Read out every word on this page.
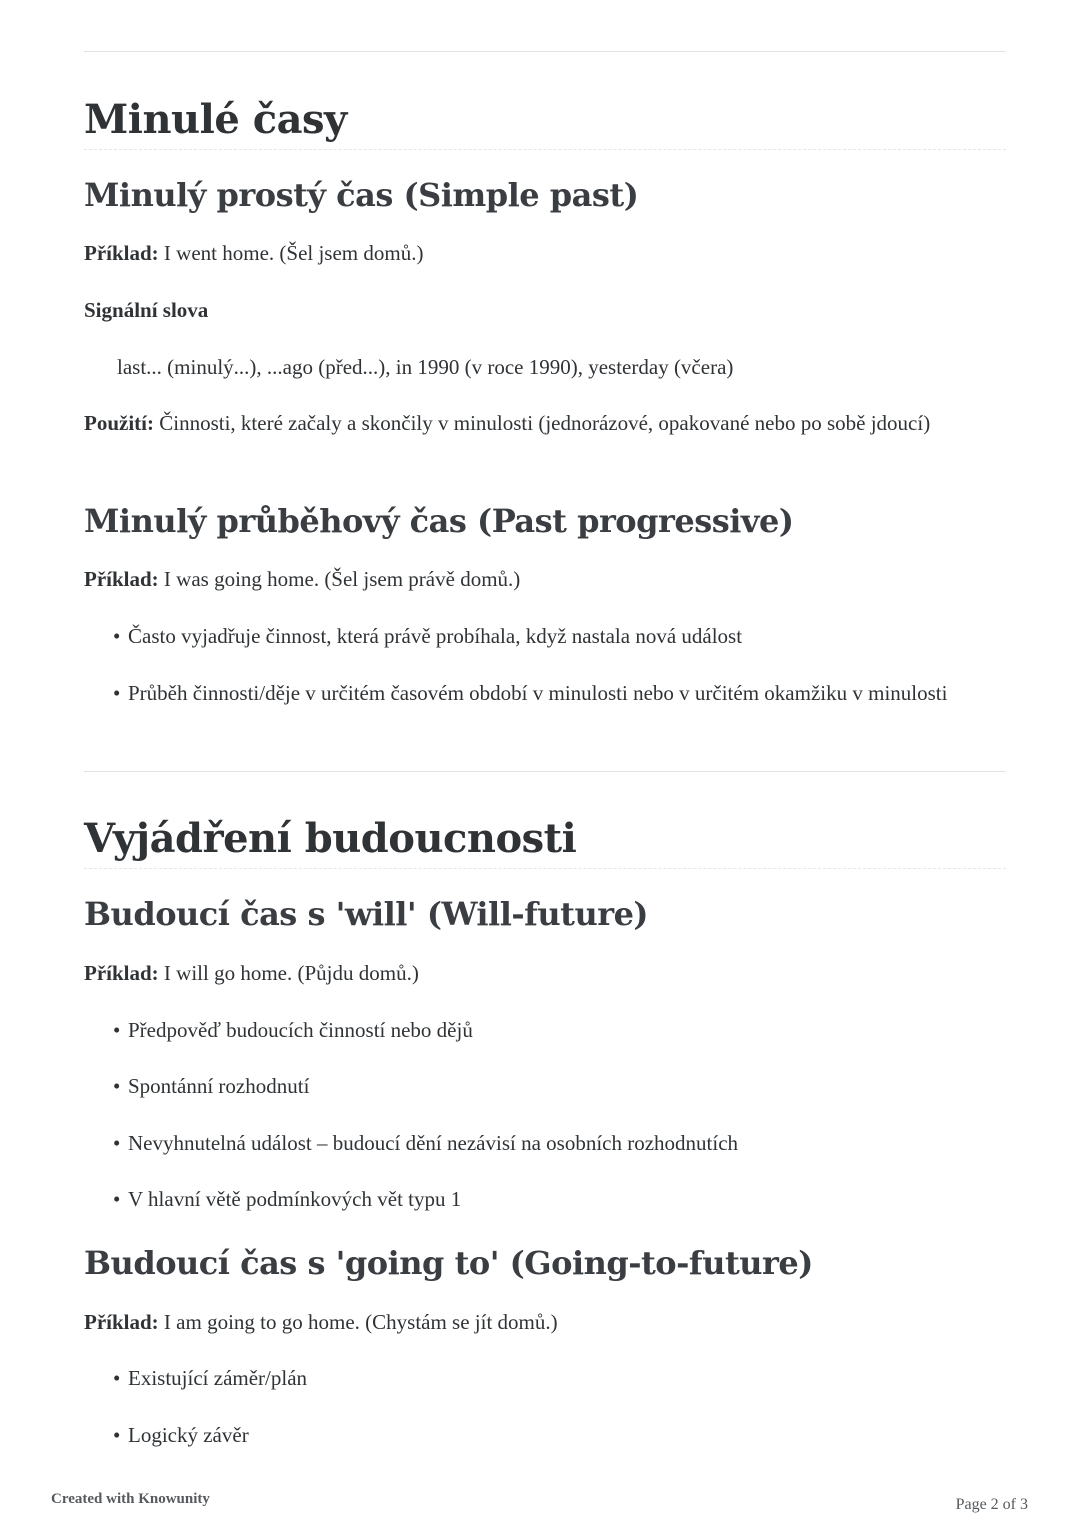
Minulé časy
Minulý prostý čas (Simple past)

Příklad: I went home. (Šel jsem domů.)

Signální slova

last... (minulý...), ...ago (před...), in 1990 (v roce 1990), yesterday (včera)

Použití: Činnosti, které začaly a skončily v minulosti (jednorázové, opakované nebo po sobě jdoucí)

Minulý průběhový čas (Past progressive)

Příklad: I was going home. (Šel jsem právě domů.)

• Často vyjadřuje činnost, která právě probíhala, když nastala nová událost
• Průběh činnosti/děje v určitém časovém období v minulosti nebo v určitém okamžiku v minulosti
Vyjádření budoucnosti
Budoucí čas s 'will' (Will-future)

Příklad: I will go home. (Půjdu domů.)

• Předpověď budoucích činností nebo dějů
• Spontánní rozhodnutí
• Nevyhnutelná událost – budoucí dění nezávisí na osobních rozhodnutích
• V hlavní větě podmínkových vět typu 1
Budoucí čas s 'going to' (Going-to-future)

Příklad: I am going to go home. (Chystám se jít domů.)

• Existující záměr/plán
• Logický závěr
Created with Knowunity	Page 2 of 3
